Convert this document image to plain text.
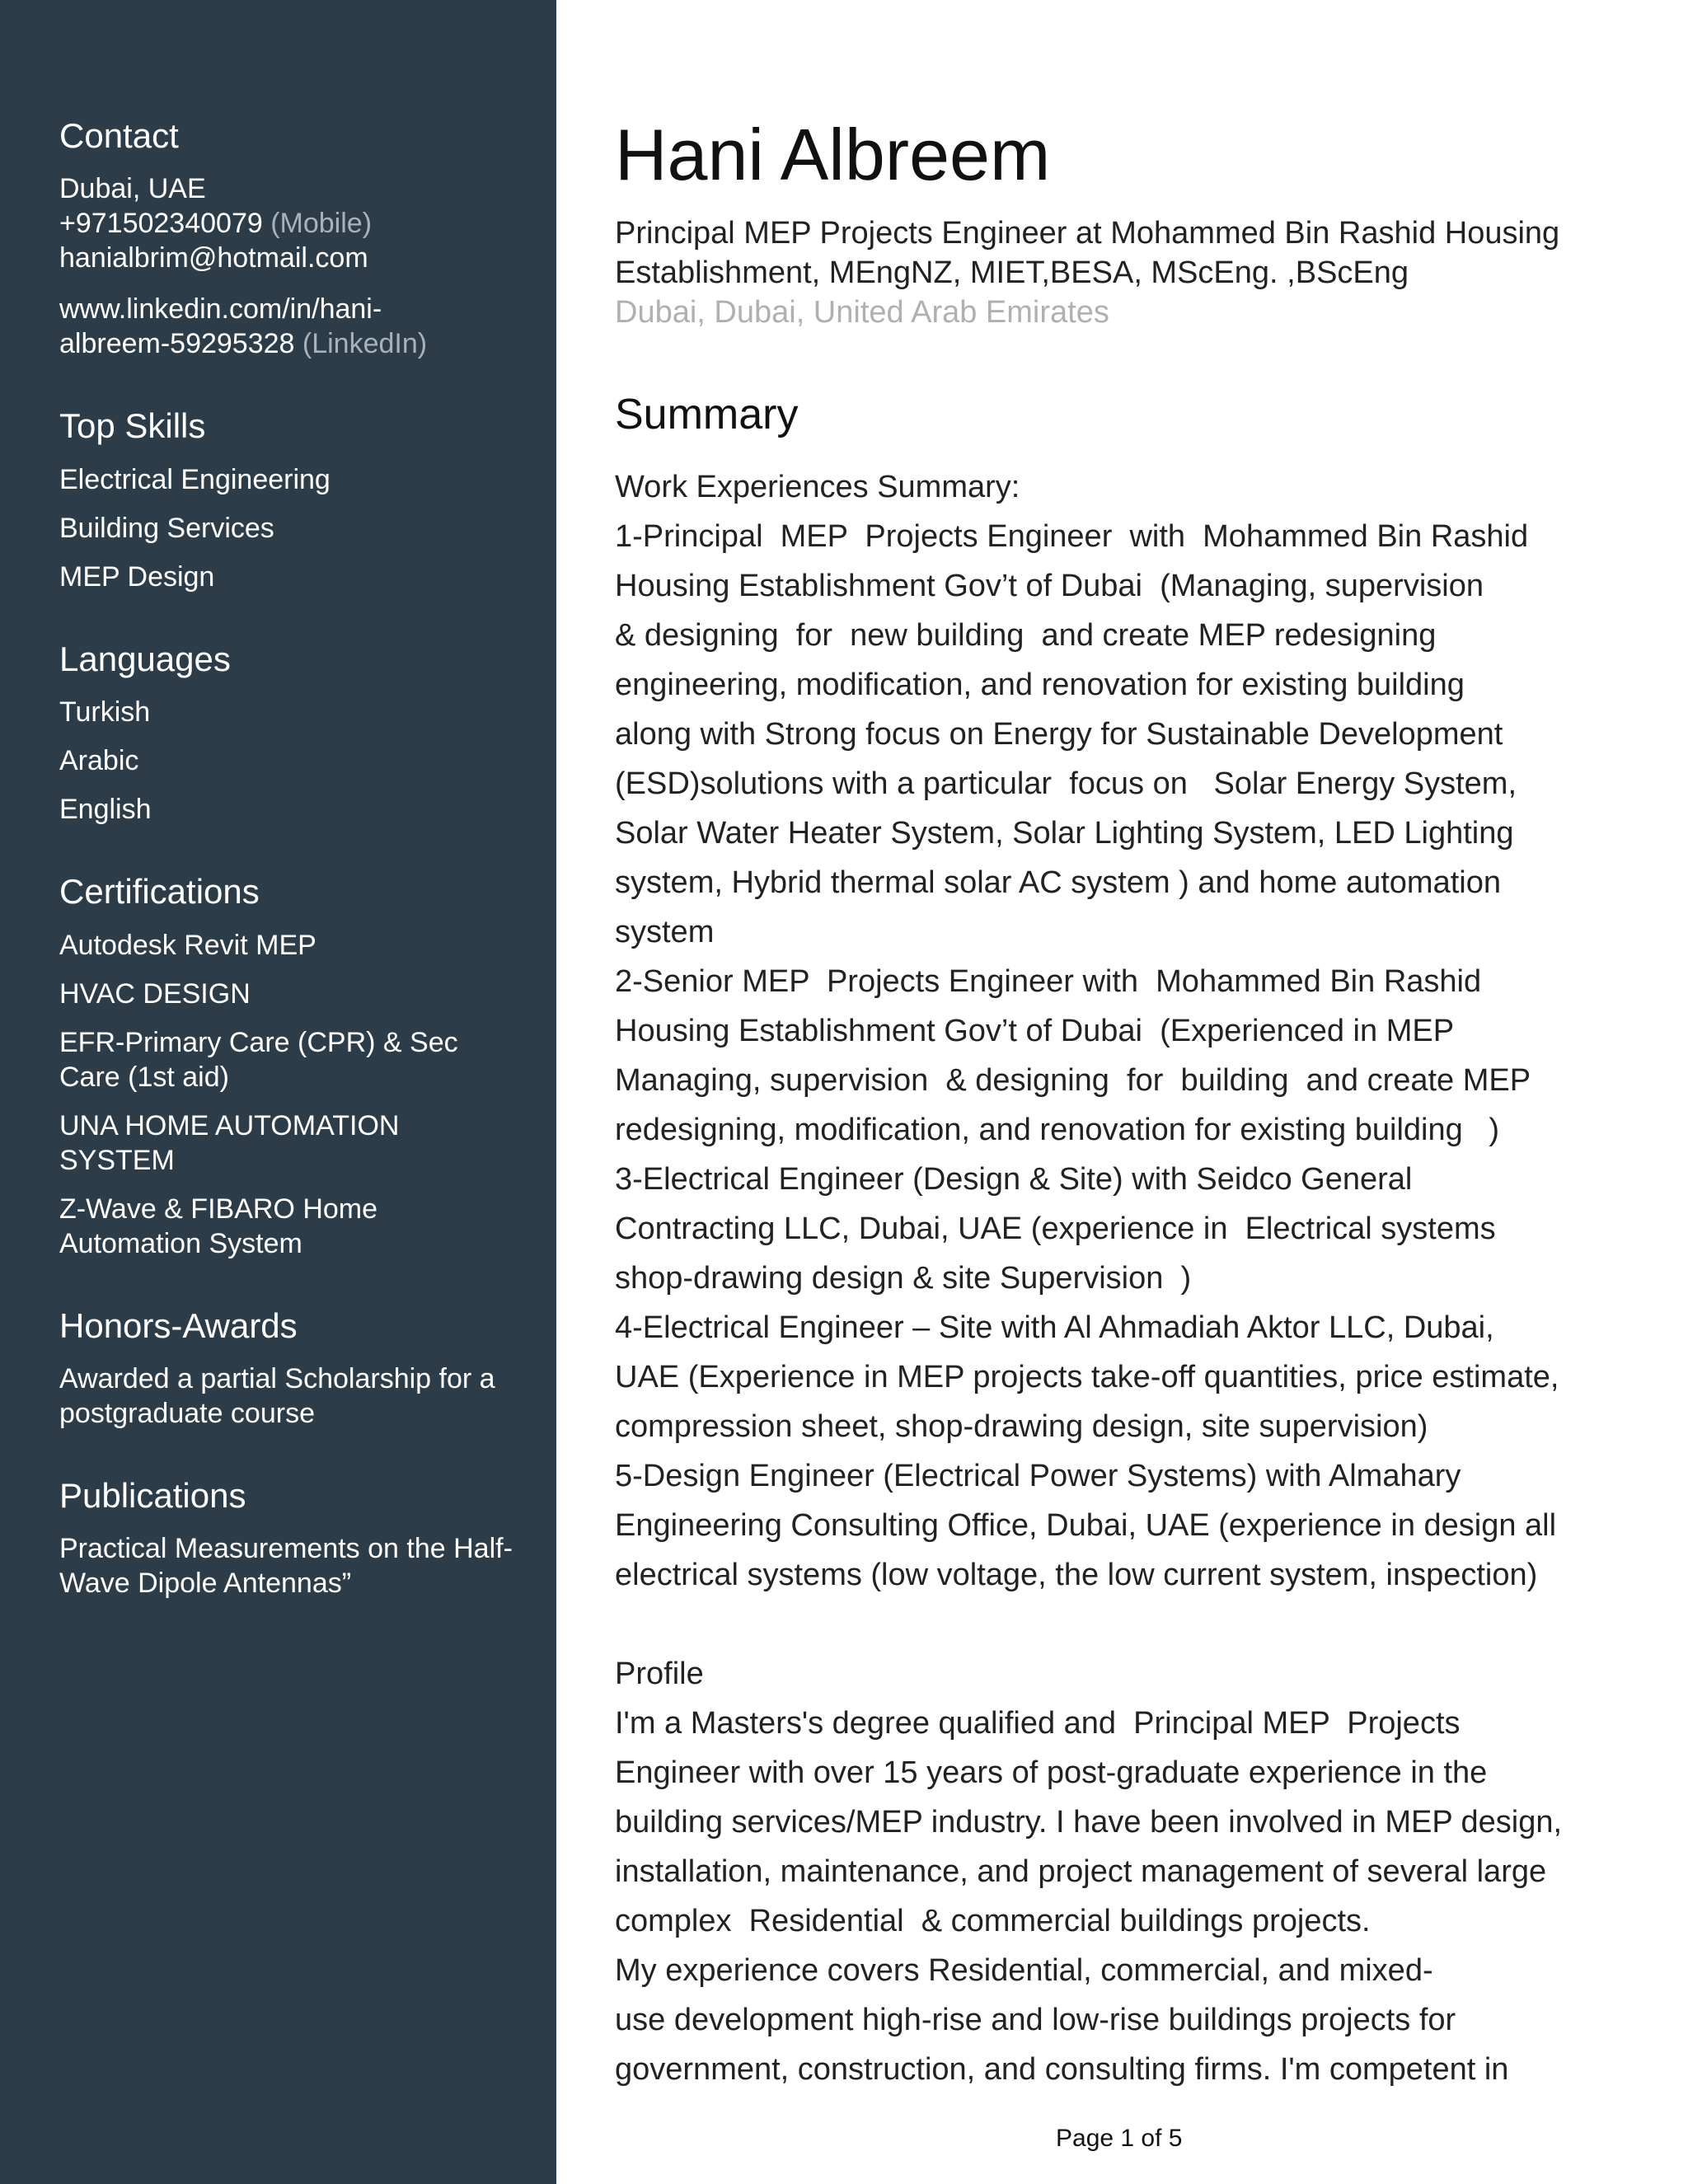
Contact
Dubai, UAE
+971502340079 (Mobile)
hanialbrim@hotmail.com
www.linkedin.com/in/hani-
albreem-59295328 (LinkedIn)
Top Skills
Electrical Engineering
Building Services
MEP Design
Languages
Turkish
Arabic
English
Certifications
Autodesk Revit MEP
HVAC DESIGN
EFR-Primary Care (CPR) & Sec
Care (1st aid)
UNA HOME AUTOMATION
SYSTEM
Z-Wave & FIBARO Home
Automation System
Honors-Awards
Awarded a partial Scholarship for a
postgraduate course
Publications
Practical Measurements on the Half-
Wave Dipole Antennas”
Hani Albreem
Principal MEP Projects Engineer at Mohammed Bin Rashid Housing
Establishment, MEngNZ, MIET,BESA, MScEng. ,BScEng
Dubai, Dubai, United Arab Emirates
Summary
Work Experiences Summary:
1-Principal  MEP  Projects Engineer  with  Mohammed Bin Rashid
Housing Establishment Gov’t of Dubai  (Managing, supervision
& designing  for  new building  and create MEP redesigning
engineering, modification, and renovation for existing building
along with Strong focus on Energy for Sustainable Development
(ESD)solutions with a particular  focus on   Solar Energy System,
Solar Water Heater System, Solar Lighting System, LED Lighting
system, Hybrid thermal solar AC system ) and home automation
system
2-Senior MEP  Projects Engineer with  Mohammed Bin Rashid
Housing Establishment Gov’t of Dubai  (Experienced in MEP
Managing, supervision  & designing  for  building  and create MEP
redesigning, modification, and renovation for existing building   )
3-Electrical Engineer (Design & Site) with Seidco General
Contracting LLC, Dubai, UAE (experience in  Electrical systems
shop-drawing design & site Supervision  )
4-Electrical Engineer – Site with Al Ahmadiah Aktor LLC, Dubai,
UAE (Experience in MEP projects take-off quantities, price estimate,
compression sheet, shop-drawing design, site supervision)
5-Design Engineer (Electrical Power Systems) with Almahary
Engineering Consulting Office, Dubai, UAE (experience in design all
electrical systems (low voltage, the low current system, inspection)
Profile
I'm a Masters's degree qualified and  Principal MEP  Projects
Engineer with over 15 years of post-graduate experience in the
building services/MEP industry. I have been involved in MEP design,
installation, maintenance, and project management of several large
complex  Residential  & commercial buildings projects.
My experience covers Residential, commercial, and mixed-
use development high-rise and low-rise buildings projects for
government, construction, and consulting firms. I'm competent in
Page 1 of 5
